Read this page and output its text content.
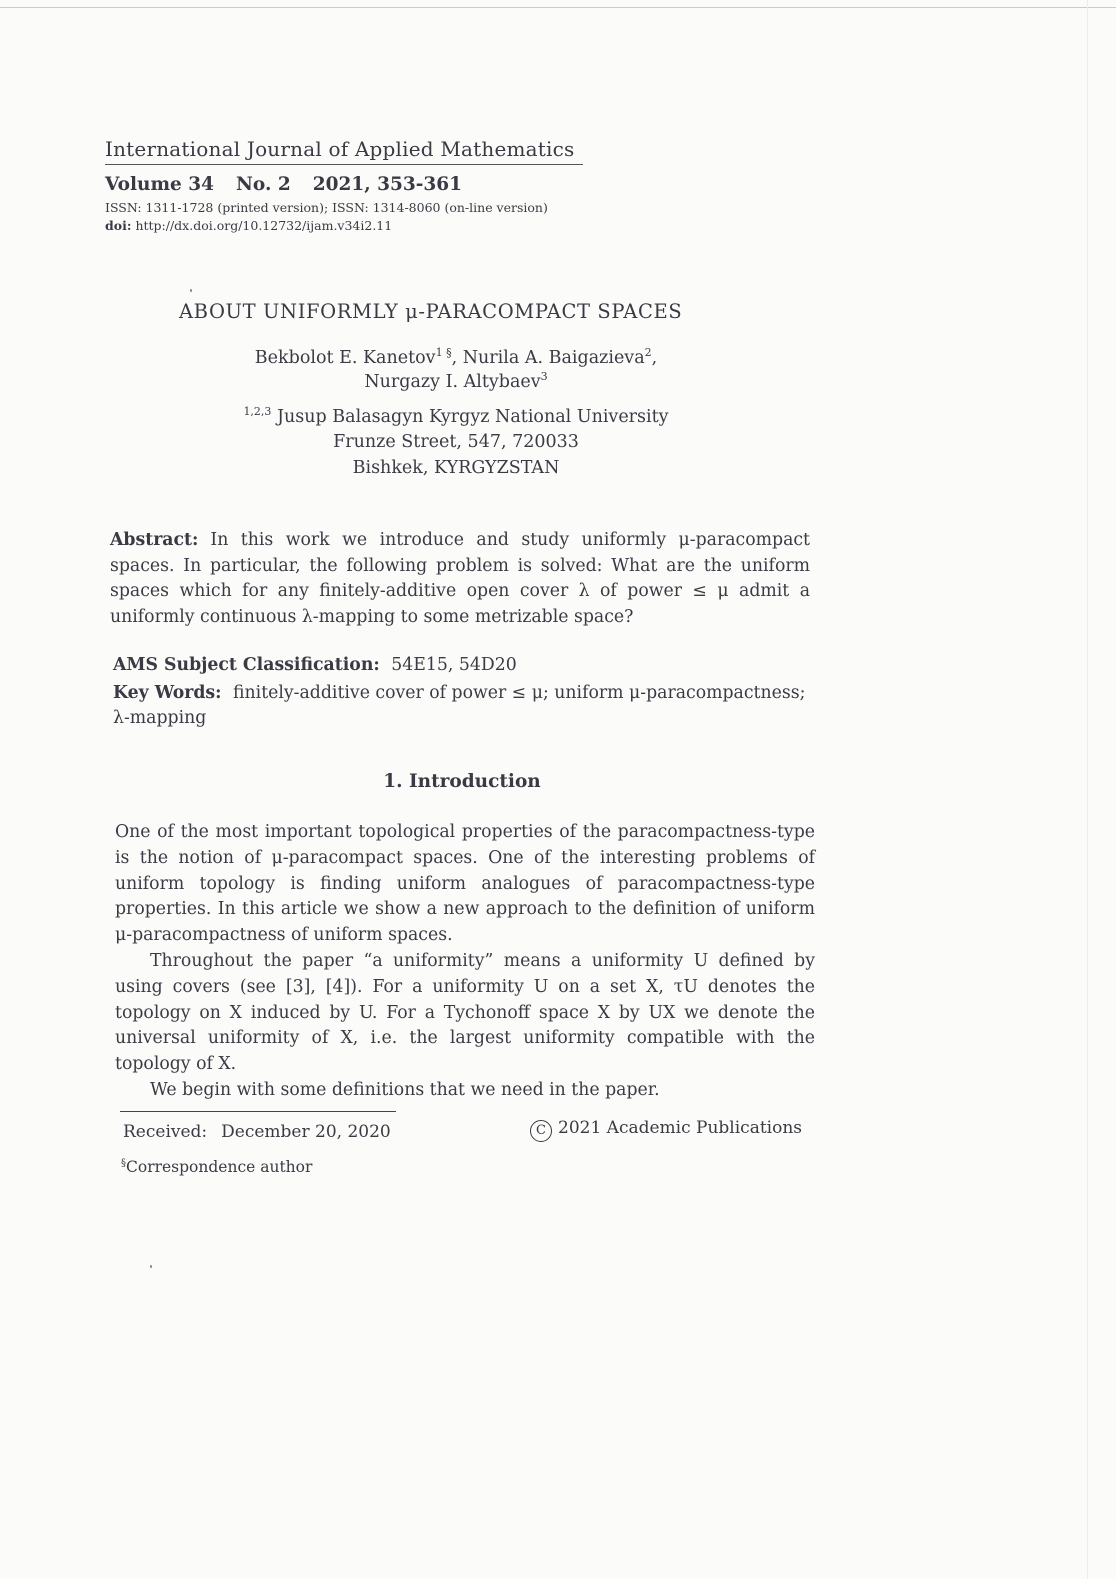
International Journal of Applied Mathematics
Volume 34 No. 2 2021, 353-361
ISSN: 1311-1728 (printed version); ISSN: 1314-8060 (on-line version)
doi: http://dx.doi.org/10.12732/ijam.v34i2.11
ABOUT UNIFORMLY μ-PARACOMPACT SPACES
Bekbolot E. Kanetov$^{1 \S}$, Nurila A. Baigazieva$^2$,
Nurgazy I. Altybaev$^3$
$^{1,2,3}$ Jusup Balasagyn Kyrgyz National University
Frunze Street, 547, 720033
Bishkek, KYRGYZSTAN
Abstract: In this work we introduce and study uniformly μ-paracompact spaces. In particular, the following problem is solved: What are the uniform spaces which for any finitely-additive open cover λ of power ≤ μ admit a uniformly continuous λ-mapping to some metrizable space?
AMS Subject Classification: 54E15, 54D20
Key Words: finitely-additive cover of power ≤ μ; uniform μ-paracompactness; λ-mapping
1. Introduction

One of the most important topological properties of the paracompactness-type is the notion of μ-paracompact spaces. One of the interesting problems of uniform topology is finding uniform analogues of paracompactness-type properties. In this article we show a new approach to the definition of uniform μ-paracompactness of uniform spaces.

Throughout the paper “a uniformity” means a uniformity U defined by using covers (see [3], [4]). For a uniformity U on a set X, τU denotes the topology on X induced by U. For a Tychonoff space X by UX we denote the universal uniformity of X, i.e. the largest uniformity compatible with the topology of X.

We begin with some definitions that we need in the paper.

Received: December 20, 2020	C 2021 Academic Publications
§Correspondence author
